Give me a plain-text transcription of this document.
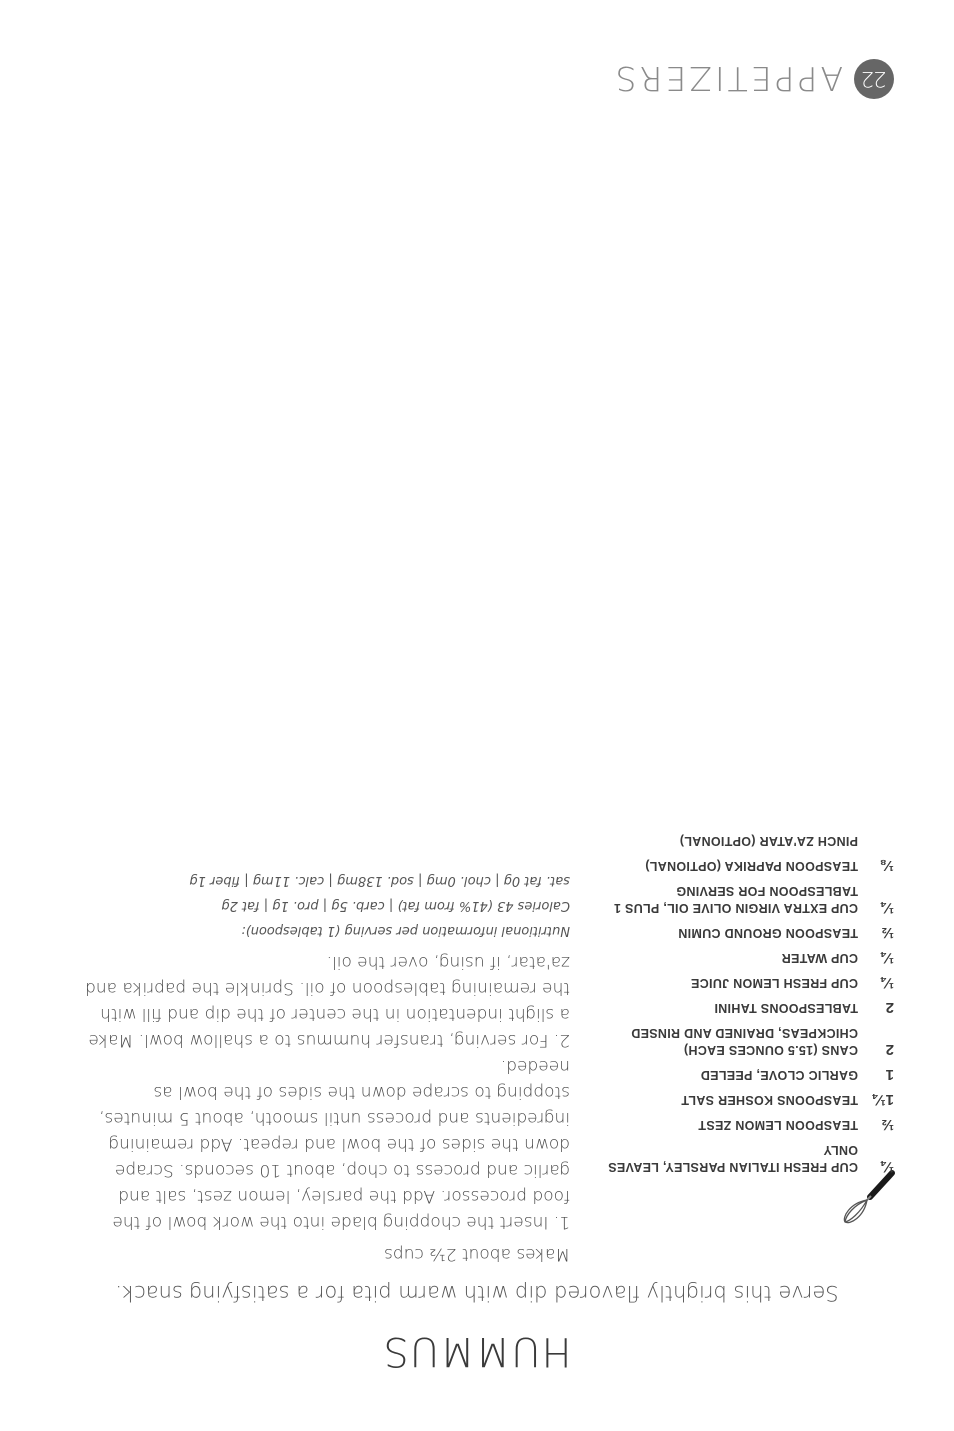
22
APPETIZERS
HUMMUS
Serve this brightly flavored dip with warm pita for a satisfying snack.
¼
CUP FRESH ITALIAN PARSLEY, LEAVES ONLY
½
TEASPOON LEMON ZEST
1¼
TEASPOONS KOSHER SALT
1
GARLIC CLOVE, PEELED
2
CANS (15.5 OUNCES EACH) CHICKPEAS, DRAINED AND RINSED
2
TABLESPOONS TAHINI
¼
CUP FRESH LEMON JUICE
¼
CUP WATER
½
TEASPOON GROUND CUMIN
¼
CUP EXTRA VIRGIN OLIVE OIL, PLUS 1 TABLESPOON FOR SERVING
⅛
TEASPOON PAPRIKA (OPTIONAL)
PINCH ZA'ATAR (OPTIONAL)
Makes about 2½ cups

1. Insert the chopping blade into the work bowl of the food processor. Add the parsley, lemon zest, salt and garlic and process to chop, about 10 seconds. Scrape down the sides of the bowl and repeat. Add remaining ingredients and process until smooth, about 5 minutes, stopping to scrape down the sides of the bowl as needed.

2. For serving, transfer hummus to a shallow bowl. Make a slight indentation in the center of the dip and fill with the remaining tablespoon of oil. Sprinkle the paprika and za'atar, if using, over the oil.

Nutritional information per serving (1 tablespoon):
Calories 43 (41% from fat) | carb. 5g | pro. 1g | fat 2g
sat. fat 0g | chol. 0mg | sod. 138mg | calc. 11mg | fiber 1g
